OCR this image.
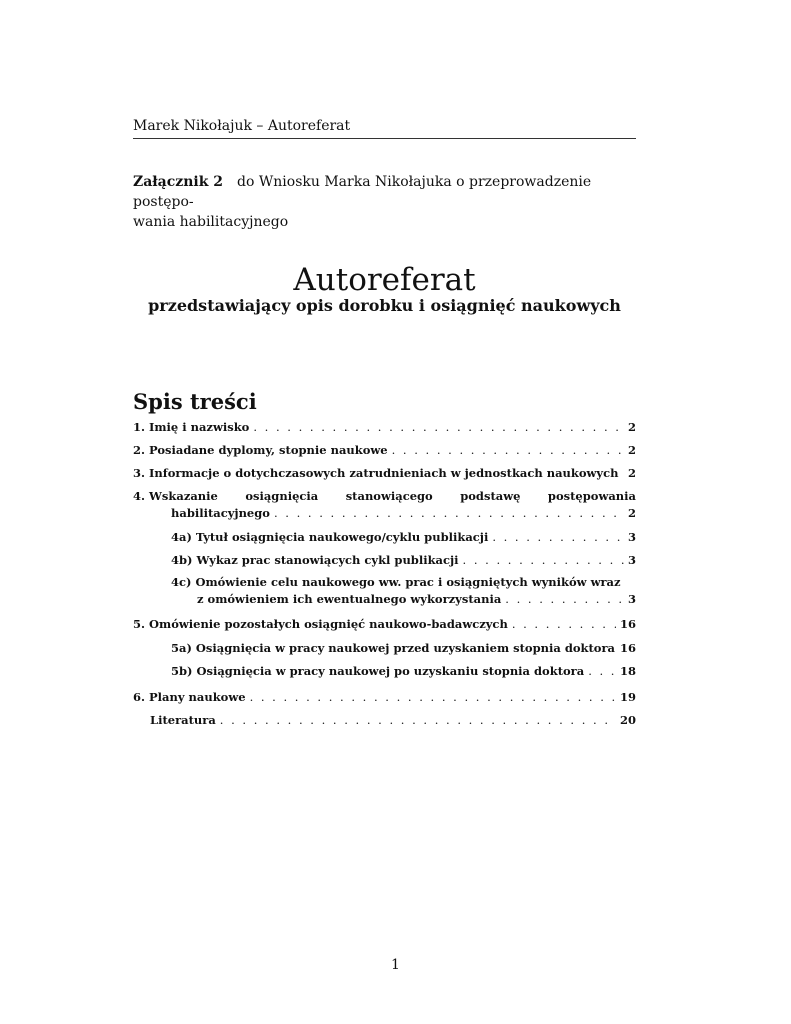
Marek Nikołajuk – Autoreferat
Załącznik 2 do Wniosku Marka Nikołajuka o przeprowadzenie postępo-
wania habilitacyjnego
Autoreferat
przedstawiający opis dorobku i osiągnięć naukowych
Spis treści
1. Imię i nazwisko . . .	2
2. Posiadane dyplomy, stopnie naukowe . . .	2
3. Informacje o dotychczasowych zatrudnieniach w jednostkach naukowych 2
4. Wskazanie osiągnięcia stanowiącego podstawę postępowania
habilitacyjnego . . .	2
4a) Tytuł osiągnięcia naukowego/cyklu publikacji . . .	3
4b) Wykaz prac stanowiących cykl publikacji . . .	3
4c) Omówienie celu naukowego ww. prac i osiągniętych wyników wraz
z omówieniem ich ewentualnego wykorzystania . . .	3
5. Omówienie pozostałych osiągnięć naukowo-badawczych . . .	16
5a) Osiągnięcia w pracy naukowej przed uzyskaniem stopnia doktora 16
5b) Osiągnięcia w pracy naukowej po uzyskaniu stopnia doktora . . .	18
6. Plany naukowe . . .	19
Literatura . . .	20
1
